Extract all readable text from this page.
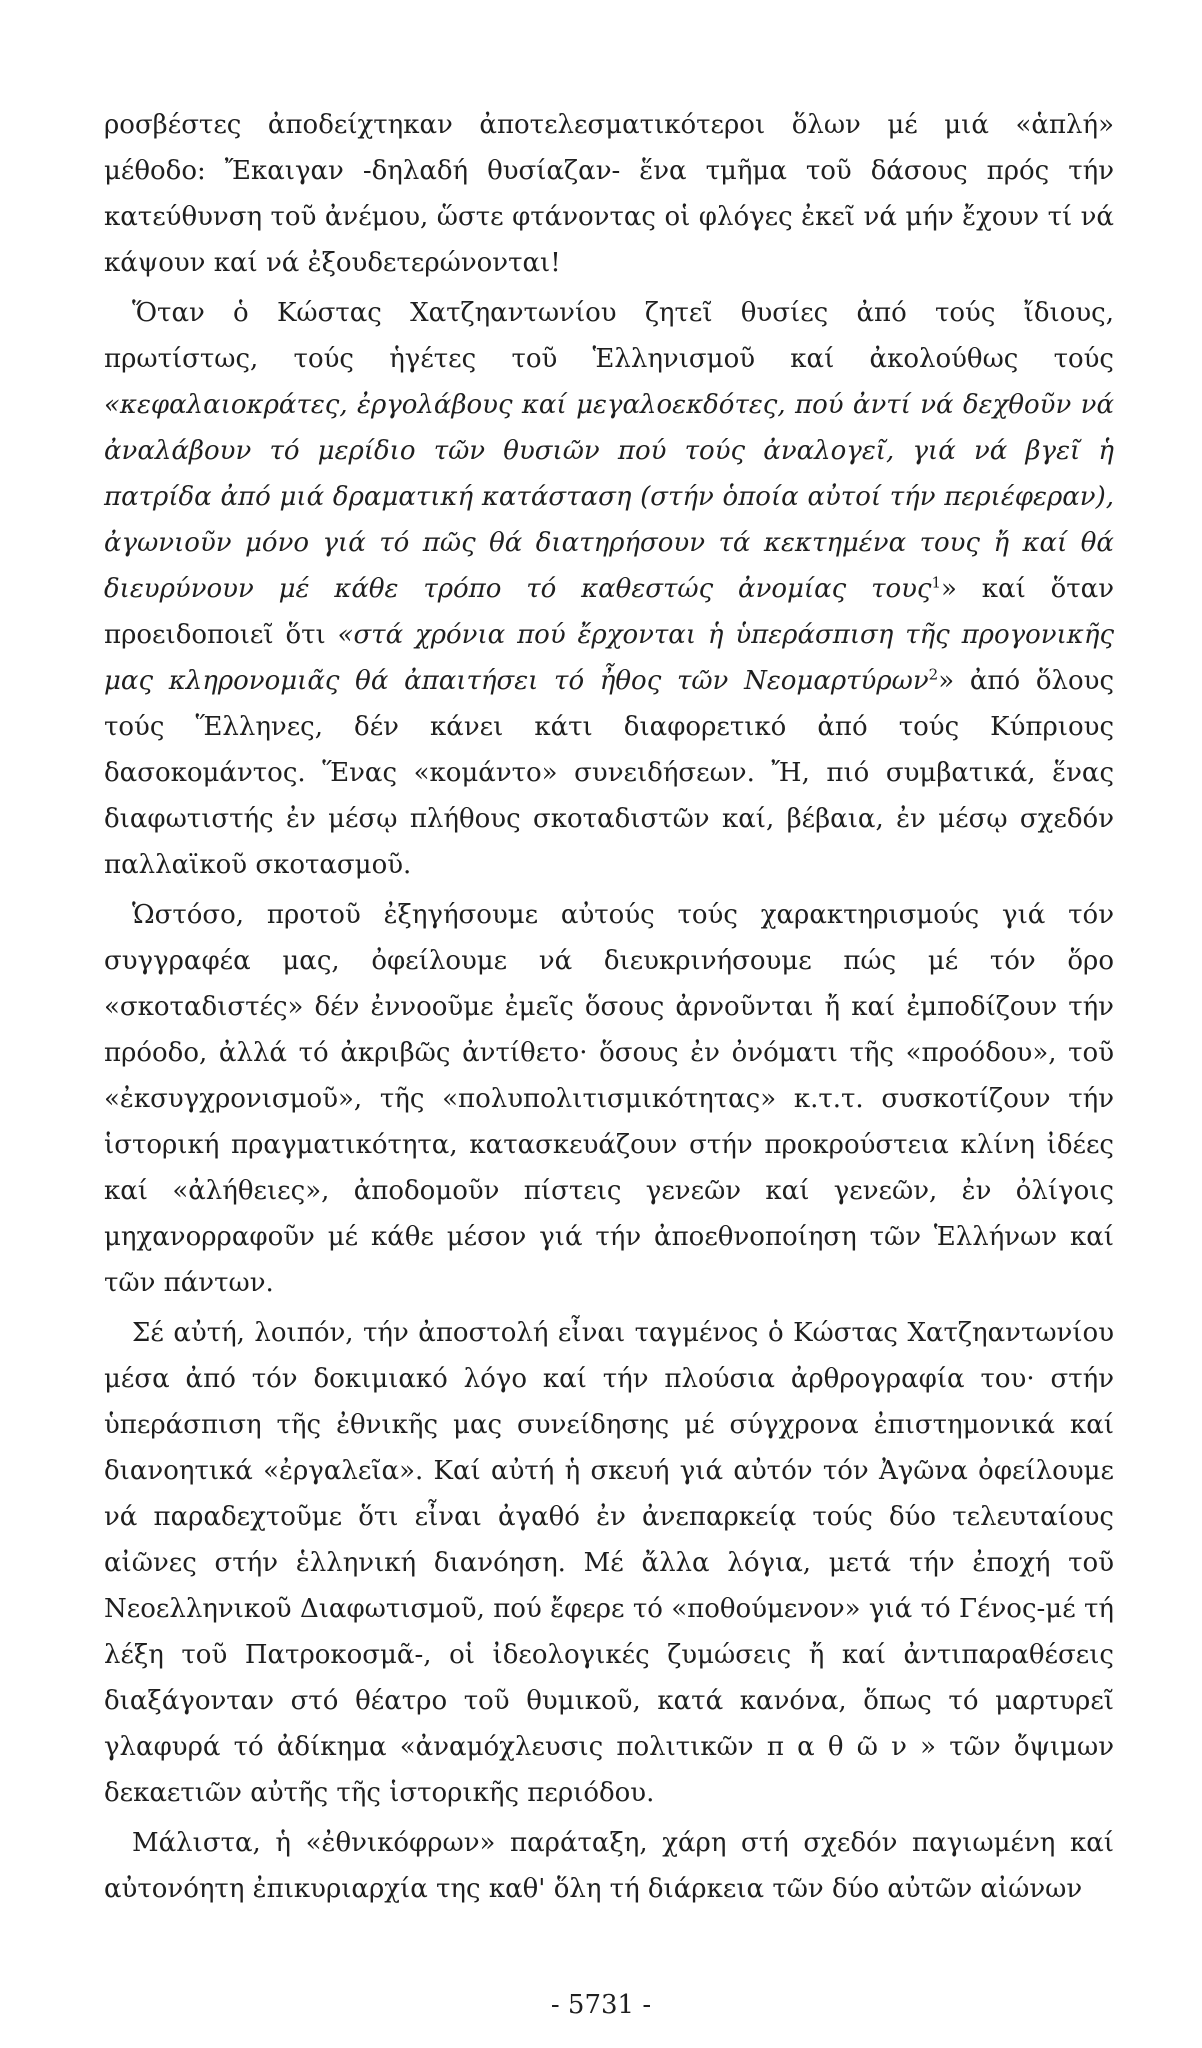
ροσβέστες ἀποδείχτηκαν ἀποτελεσματικότεροι ὅλων μέ μιά «ἁπλή» μέθοδο: Ἔκαιγαν -δηλαδή θυσίαζαν- ἕνα τμῆμα τοῦ δάσους πρός τήν κατεύθυνση τοῦ ἀνέμου, ὥστε φτάνοντας οἱ φλόγες ἐκεῖ νά μήν ἔχουν τί νά κάψουν καί νά ἐξουδετερώνονται!

Ὅταν ὁ Κώστας Χατζηαντωνίου ζητεῖ θυσίες ἀπό τούς ἴδιους, πρωτίστως, τούς ἡγέτες τοῦ Ἑλληνισμοῦ καί ἀκολούθως τούς «κεφαλαιοκράτες, ἐργολάβους καί μεγαλοεκδότες, πού ἀντί νά δεχθοῦν νά ἀναλάβουν τό μερίδιο τῶν θυσιῶν πού τούς ἀναλογεῖ, γιά νά βγεῖ ἡ πατρίδα ἀπό μιά δραματική κατάσταση (στήν ὁποία αὐτοί τήν περιέφεραν), ἀγωνιοῦν μόνο γιά τό πῶς θά διατηρήσουν τά κεκτημένα τους ἤ καί θά διευρύνουν μέ κάθε τρόπο τό καθεστώς ἀνομίας τους$^1$» καί ὅταν προειδοποιεῖ ὅτι «στά χρόνια πού ἔρχονται ἡ ὑπεράσπιση τῆς προγονικῆς μας κληρονομιᾶς θά ἀπαιτήσει τό ἦθος τῶν Νεομαρτύρων$^2$» ἀπό ὅλους τούς Ἕλληνες, δέν κάνει κάτι διαφορετικό ἀπό τούς Κύπριους δασοκομάντος. Ἕνας «κομάντο» συνειδήσεων. Ἤ, πιό συμβατικά, ἕνας διαφωτιστής ἐν μέσῳ πλήθους σκοταδιστῶν καί, βέβαια, ἐν μέσῳ σχεδόν παλλαϊκοῦ σκοτασμοῦ.

Ὡστόσο, προτοῦ ἐξηγήσουμε αὐτούς τούς χαρακτηρισμούς γιά τόν συγγραφέα μας, ὀφείλουμε νά διευκρινήσουμε πώς μέ τόν ὅρο «σκοταδιστές» δέν ἐννοοῦμε ἐμεῖς ὅσους ἀρνοῦνται ἤ καί ἐμποδίζουν τήν πρόοδο, ἀλλά τό ἀκριβῶς ἀντίθετο· ὅσους ἐν ὀνόματι τῆς «προόδου», τοῦ «ἐκσυγχρονισμοῦ», τῆς «πολυπολιτισμικότητας» κ.τ.τ. συσκοτίζουν τήν ἱστορική πραγματικότητα, κατασκευάζουν στήν προκρούστεια κλίνη ἰδέες καί «ἀλήθειες», ἀποδομοῦν πίστεις γενεῶν καί γενεῶν, ἐν ὀλίγοις μηχανορραφοῦν μέ κάθε μέσον γιά τήν ἀποεθνοποίηση τῶν Ἑλλήνων καί τῶν πάντων.

Σέ αὐτή, λοιπόν, τήν ἀποστολή εἶναι ταγμένος ὁ Κώστας Χατζηαντωνίου μέσα ἀπό τόν δοκιμιακό λόγο καί τήν πλούσια ἀρθρογραφία του· στήν ὑπεράσπιση τῆς ἐθνικῆς μας συνείδησης μέ σύγχρονα ἐπιστημονικά καί διανοητικά «ἐργαλεῖα». Καί αὐτή ἡ σκευή γιά αὐτόν τόν Ἀγῶνα ὀφείλουμε νά παραδεχτοῦμε ὅτι εἶναι ἀγαθό ἐν ἀνεπαρκείᾳ τούς δύο τελευταίους αἰῶνες στήν ἑλληνική διανόηση. Μέ ἄλλα λόγια, μετά τήν ἐποχή τοῦ Νεοελληνικοῦ Διαφωτισμοῦ, πού ἔφερε τό «ποθούμενον» γιά τό Γένος-μέ τή λέξη τοῦ Πατροκοσμᾶ-, οἱ ἰδεολογικές ζυμώσεις ἤ καί ἀντιπαραθέσεις διαξάγονταν στό θέατρο τοῦ θυμικοῦ, κατά κανόνα, ὅπως τό μαρτυρεῖ γλαφυρά τό ἀδίκημα «ἀναμόχλευσις πολιτικῶν π α θ ῶ ν » τῶν ὄψιμων δεκαετιῶν αὐτῆς τῆς ἱστορικῆς περιόδου.

Μάλιστα, ἡ «ἐθνικόφρων» παράταξη, χάρη στή σχεδόν παγιωμένη καί αὐτονόητη ἐπικυριαρχία της καθ' ὅλη τή διάρκεια τῶν δύο αὐτῶν αἰώνων

- 5731 -
